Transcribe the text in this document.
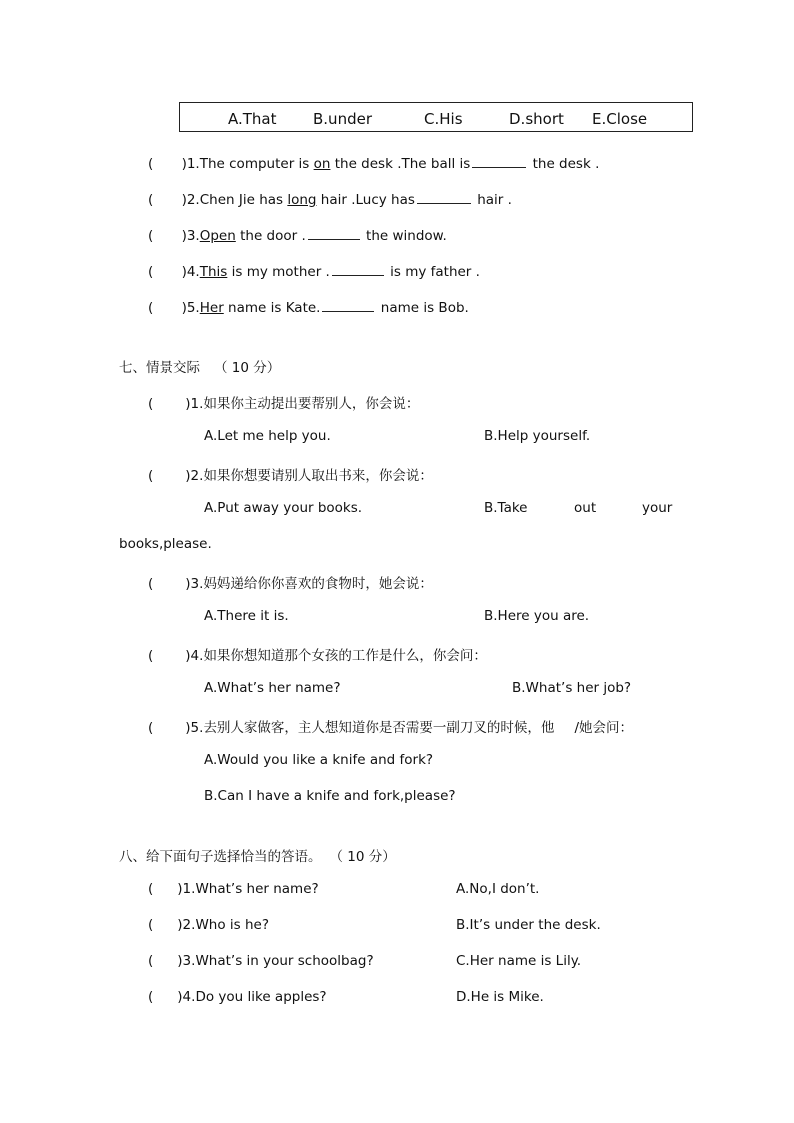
A.That B.under	C.His	D.short E.Close
( )1.The computer is on the desk .The ball is	the desk .
( )2.Chen Jie has long hair .Lucy has	hair .
( )3.Open the door .	the window.
( )4.This is my mother .	is my father .
( )5.Her name is Kate.	name is Bob.
七、情景交际 （ 10 分）
( )1.如果你主动提出要帮别人，你会说：
A.Let me help you.	B.Help yourself.
( )2.如果你想要请别人取出书来，你会说：
A.Put away your books.	B.Take	out	your
books,please.
( )3.妈妈递给你你喜欢的食物时，她会说：
A.There it is.	B.Here you are.
( )4.如果你想知道那个女孩的工作是什么，你会问：
A.What’s her name?	B.What’s her job?
( )5.去别人家做客，主人想知道你是否需要一副刀叉的时候，他 /她会问：
A.Would you like a knife and fork?
B.Can I have a knife and fork,please?
八、给下面句子选择恰当的答语。 （ 10 分）
( )1.What’s her name?	A.No,I don’t.
( )2.Who is he?	B.It’s under the desk.
( )3.What’s in your schoolbag?	C.Her name is Lily.
( )4.Do you like apples?	D.He is Mike.
